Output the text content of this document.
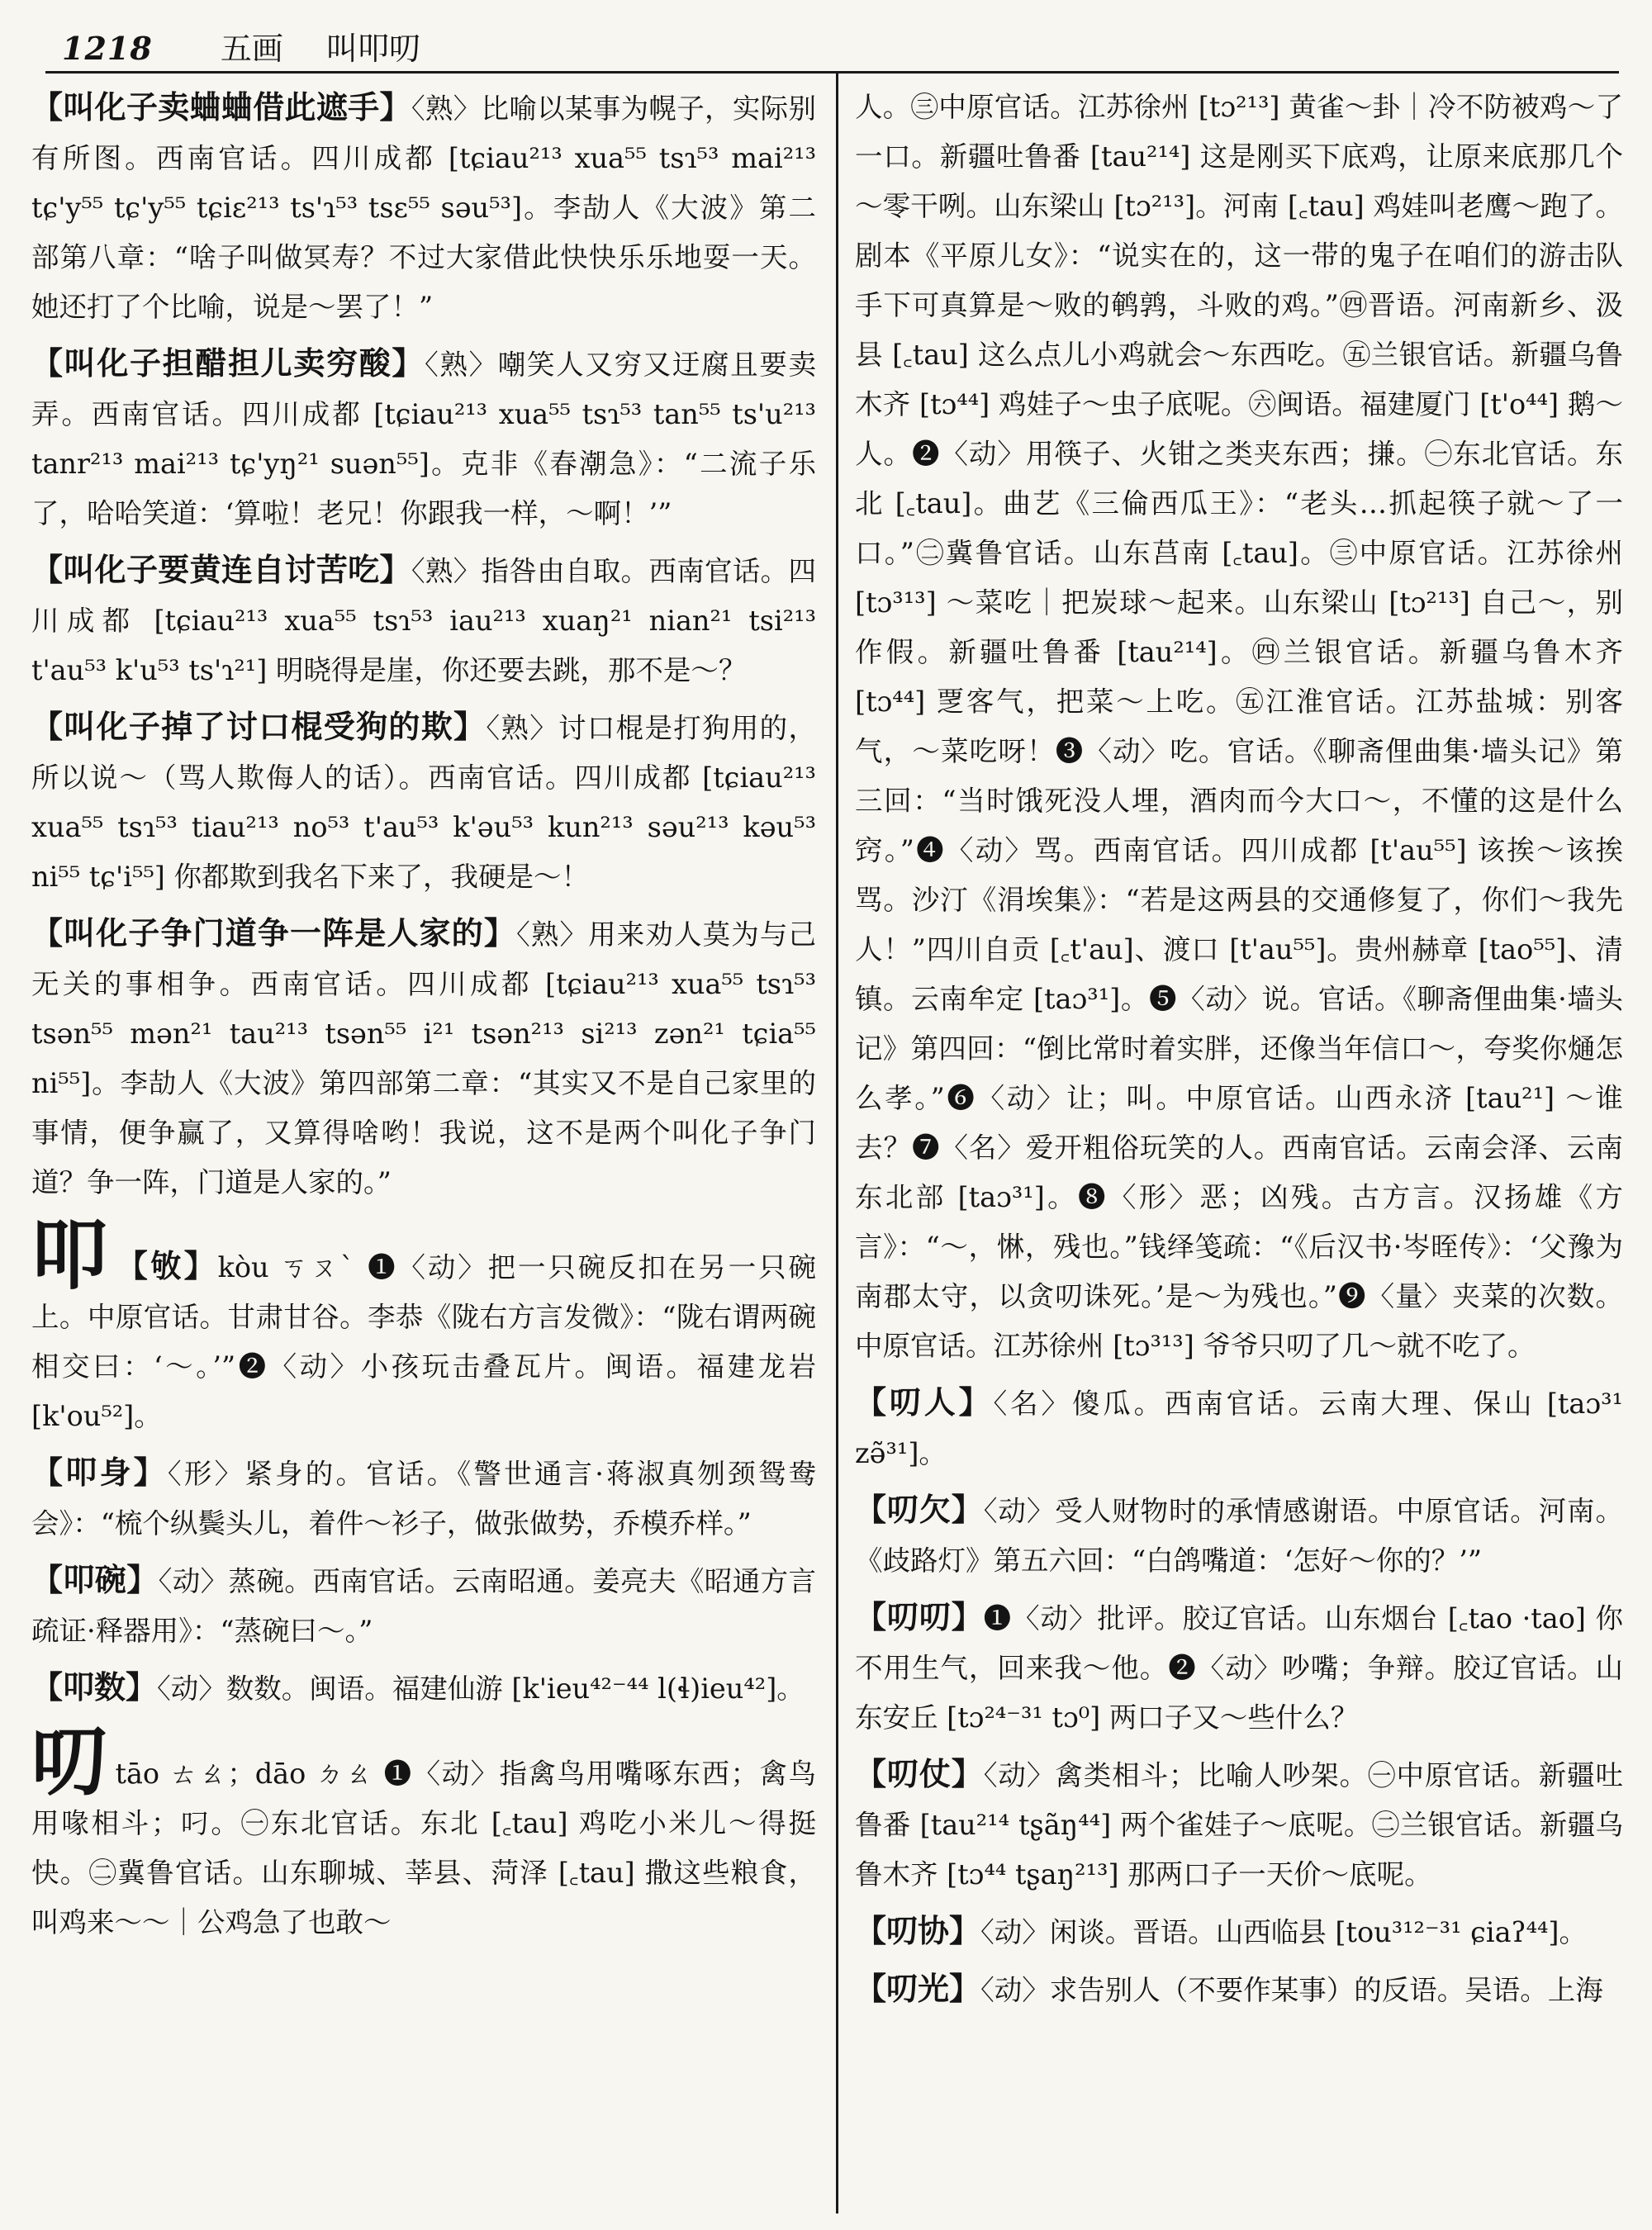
1218 五画 叫叩叨
【叫化子卖蛐蛐借此遮手】〈熟〉比喻以某事为幌子，实际别有所图。西南官话。四川成都 [tɕiau²¹³ xua⁵⁵ tsɿ⁵³ mai²¹³ tɕ'y⁵⁵ tɕ'y⁵⁵ tɕiɛ²¹³ ts'ɿ⁵³ tsɛ⁵⁵ səu⁵³]。李劼人《大波》第二部第八章：“啥子叫做冥寿？不过大家借此快快乐乐地耍一天。她还打了个比喻，说是～罢了！”
【叫化子担醋担儿卖穷酸】〈熟〉嘲笑人又穷又迂腐且要卖弄。西南官话。四川成都 [tɕiau²¹³ xua⁵⁵ tsɿ⁵³ tan⁵⁵ ts'u²¹³ tanr²¹³ mai²¹³ tɕ'yŋ²¹ suən⁵⁵]。克非《春潮急》：“二流子乐了，哈哈笑道：‘算啦！老兄！你跟我一样，～啊！’”
【叫化子要黄连自讨苦吃】〈熟〉指咎由自取。西南官话。四川成都 [tɕiau²¹³ xua⁵⁵ tsɿ⁵³ iau²¹³ xuaŋ²¹ nian²¹ tsi²¹³ t'au⁵³ k'u⁵³ ts'ɿ²¹] 明晓得是崖，你还要去跳，那不是～？
【叫化子掉了讨口棍受狗的欺】〈熟〉讨口棍是打狗用的，所以说～（骂人欺侮人的话）。西南官话。四川成都 [tɕiau²¹³ xua⁵⁵ tsɿ⁵³ tiau²¹³ no⁵³ t'au⁵³ k'əu⁵³ kun²¹³ səu²¹³ kəu⁵³ ni⁵⁵ tɕ'i⁵⁵] 你都欺到我名下来了，我硬是～！
【叫化子争门道争一阵是人家的】〈熟〉用来劝人莫为与己无关的事相争。西南官话。四川成都 [tɕiau²¹³ xua⁵⁵ tsɿ⁵³ tsən⁵⁵ mən²¹ tau²¹³ tsən⁵⁵ i²¹ tsən²¹³ si²¹³ zən²¹ tɕia⁵⁵ ni⁵⁵]。李劼人《大波》第四部第二章：“其实又不是自己家里的事情，便争赢了，又算得啥哟！我说，这不是两个叫化子争门道？争一阵，门道是人家的。”
叩 【敂】kòu ㄎㄡˋ ❶〈动〉把一只碗反扣在另一只碗上。中原官话。甘肃甘谷。李恭《陇右方言发微》：“陇右谓两碗相交曰：‘～。’”❷〈动〉小孩玩击叠瓦片。闽语。福建龙岩 [k'ou⁵²]。
【叩身】〈形〉紧身的。官话。《警世通言·蒋淑真刎颈鸳鸯会》：“梳个纵鬓头儿，着件～衫子，做张做势，乔模乔样。”
【叩碗】〈动〉蒸碗。西南官话。云南昭通。姜亮夫《昭通方言疏证·释器用》：“蒸碗曰～。”
【叩数】〈动〉数数。闽语。福建仙游 [k'ieu⁴²⁻⁴⁴ l(ɬ)ieu⁴²]。
叨tāo ㄊㄠ；dāo ㄉㄠ ❶〈动〉指禽鸟用嘴啄东西；禽鸟用喙相斗；叼。㊀东北官话。东北 [꜀tau] 鸡吃小米儿～得挺快。㊁冀鲁官话。山东聊城、莘县、菏泽 [꜀tau] 撒这些粮食，叫鸡来～～｜公鸡急了也敢～
人。㊂中原官话。江苏徐州 [tɔ²¹³] 黄雀～卦｜冷不防被鸡～了一口。新疆吐鲁番 [tau²¹⁴] 这是刚买下底鸡，让原来底那几个～零干咧。山东梁山 [tɔ²¹³]。河南 [꜀tau] 鸡娃叫老鹰～跑了。剧本《平原儿女》：“说实在的，这一带的鬼子在咱们的游击队手下可真算是～败的鹌鹑，斗败的鸡。”㊃晋语。河南新乡、汲县 [꜀tau] 这么点儿小鸡就会～东西吃。㊄兰银官话。新疆乌鲁木齐 [tɔ⁴⁴] 鸡娃子～虫子底呢。㊅闽语。福建厦门 [t'o⁴⁴] 鹅～人。❷〈动〉用筷子、火钳之类夹东西；搛。㊀东北官话。东北 [꜀tau]。曲艺《三倫西瓜王》：“老头…抓起筷子就～了一口。”㊁冀鲁官话。山东莒南 [꜀tau]。㊂中原官话。江苏徐州 [tɔ³¹³] ～菜吃｜把炭球～起来。山东梁山 [tɔ²¹³] 自己～，别作假。新疆吐鲁番 [tau²¹⁴]。㊃兰银官话。新疆乌鲁木齐 [tɔ⁴⁴] 覂客气，把菜～上吃。㊄江淮官话。江苏盐城：别客气，～菜吃呀！❸〈动〉吃。官话。《聊斋俚曲集·墙头记》第三回：“当时饿死没人埋，酒肉而今大口～，不懂的这是什么窍。”❹〈动〉骂。西南官话。四川成都 [t'au⁵⁵] 该挨～该挨骂。沙汀《涓埃集》：“若是这两县的交通修复了，你们～我先人！”四川自贡 [꜀t'au]、渡口 [t'au⁵⁵]。贵州赫章 [tao⁵⁵]、清镇。云南牟定 [taɔ³¹]。❺〈动〉说。官话。《聊斋俚曲集·墙头记》第四回：“倒比常时着实胖，还像当年信口～，夸奖你熥怎么孝。”❻〈动〉让；叫。中原官话。山西永济 [tau²¹] ～谁去？❼〈名〉爱开粗俗玩笑的人。西南官话。云南会泽、云南东北部 [taɔ³¹]。❽〈形〉恶；凶残。古方言。汉扬雄《方言》：“～，惏，残也。”钱绎笺疏：“《后汉书·岑晊传》：‘父豫为南郡太守，以贪叨诛死。’是～为残也。”❾〈量〉夹菜的次数。中原官话。江苏徐州 [tɔ³¹³] 爷爷只叨了几～就不吃了。
【叨人】〈名〉傻瓜。西南官话。云南大理、保山 [taɔ³¹ zə̃³¹]。
【叨欠】〈动〉受人财物时的承情感谢语。中原官话。河南。《歧路灯》第五六回：“白鸽嘴道：‘怎好～你的？’”
【叨叨】❶〈动〉批评。胶辽官话。山东烟台 [꜀tao ·tao] 你不用生气，回来我～他。❷〈动〉吵嘴；争辩。胶辽官话。山东安丘 [tɔ²⁴⁻³¹ tɔ⁰] 两口子又～些什么？
【叨仗】〈动〉禽类相斗；比喻人吵架。㊀中原官话。新疆吐鲁番 [tau²¹⁴ tʂãŋ⁴⁴] 两个雀娃子～底呢。㊁兰银官话。新疆乌鲁木齐 [tɔ⁴⁴ tʂaŋ²¹³] 那两口子一天价～底呢。
【叨协】〈动〉闲谈。晋语。山西临县 [tou³¹²⁻³¹ ɕiaʔ⁴⁴]。
【叨光】〈动〉求告别人（不要作某事）的反语。吴语。上海
